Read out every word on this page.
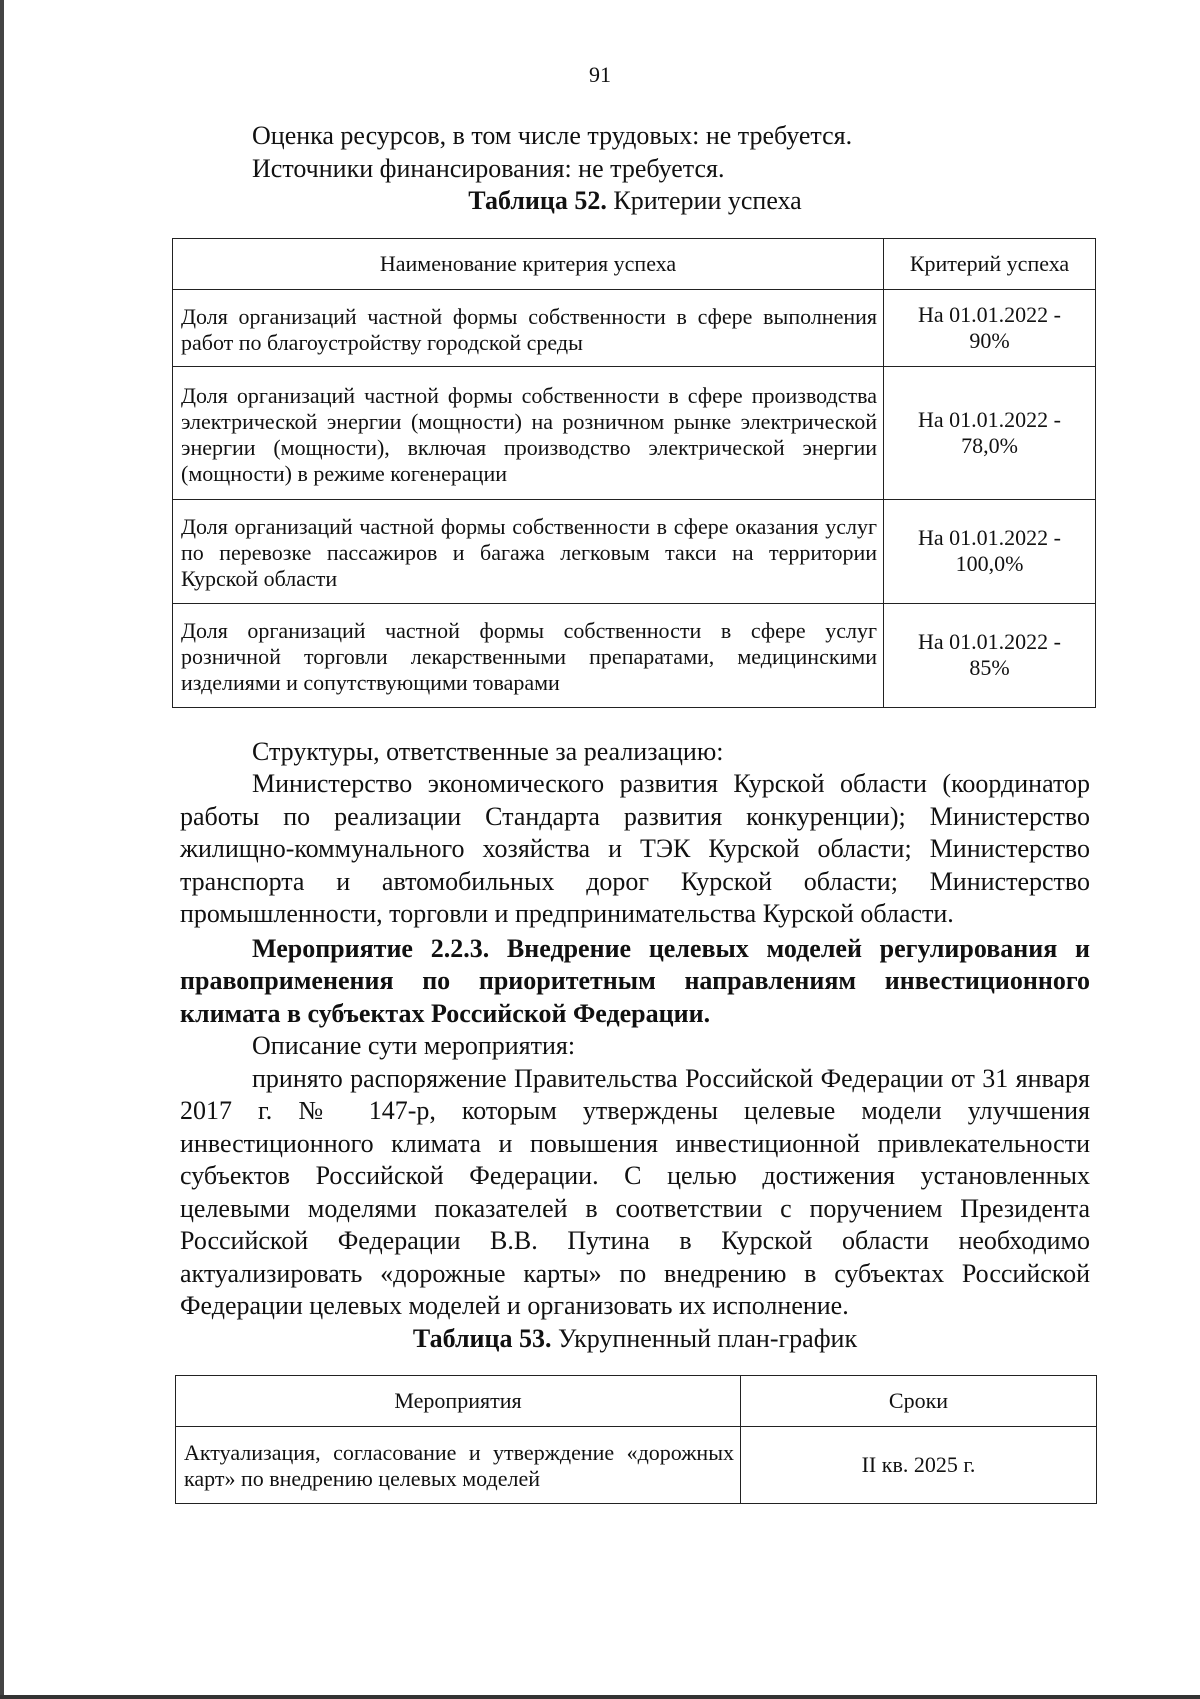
91

Оценка ресурсов, в том числе трудовых: не требуется.

Источники финансирования: не требуется.

Таблица 52. Критерии успеха

Наименование критерия успеха	Критерий успеха
Доля организаций частной формы собственности в сфере выполнения работ по благоустройству городской среды	На 01.01.2022 -
90%

Доля организаций частной формы собственности в сфере производства электрической энергии (мощности) на розничном рынке электрической энергии (мощности), включая производство электрической энергии (мощности) в режиме когенерации	На 01.01.2022 -
78,0%

Доля организаций частной формы собственности в сфере оказания услуг по перевозке пассажиров и багажа легковым такси на территории Курской области	На 01.01.2022 -
100,0%

Доля организаций частной формы собственности в сфере услуг розничной торговли лекарственными препаратами, медицинскими изделиями и сопутствующими товарами	На 01.01.2022 -
85%

Структуры, ответственные за реализацию:

Министерство экономического развития Курской области (координатор работы по реализации Стандарта развития конкуренции); Министерство жилищно-коммунального хозяйства и ТЭК Курской области; Министерство транспорта и автомобильных дорог Курской области; Министерство промышленности, торговли и предпринимательства Курской области.

Мероприятие 2.2.3. Внедрение целевых моделей регулирования и правоприменения по приоритетным направлениям инвестиционного климата в субъектах Российской Федерации.

Описание сути мероприятия:

принято распоряжение Правительства Российской Федерации от 31 января 2017 г. № 147-р, которым утверждены целевые модели улучшения инвестиционного климата и повышения инвестиционной привлекательности субъектов Российской Федерации. С целью достижения установленных целевыми моделями показателей в соответствии с поручением Президента Российской Федерации В.В. Путина в Курской области необходимо актуализировать «дорожные карты» по внедрению в субъектах Российской Федерации целевых моделей и организовать их исполнение.

Таблица 53. Укрупненный план-график

Мероприятия	Сроки
Актуализация, согласование и утверждение «дорожных карт» по внедрению целевых моделей	II кв. 2025 г.
